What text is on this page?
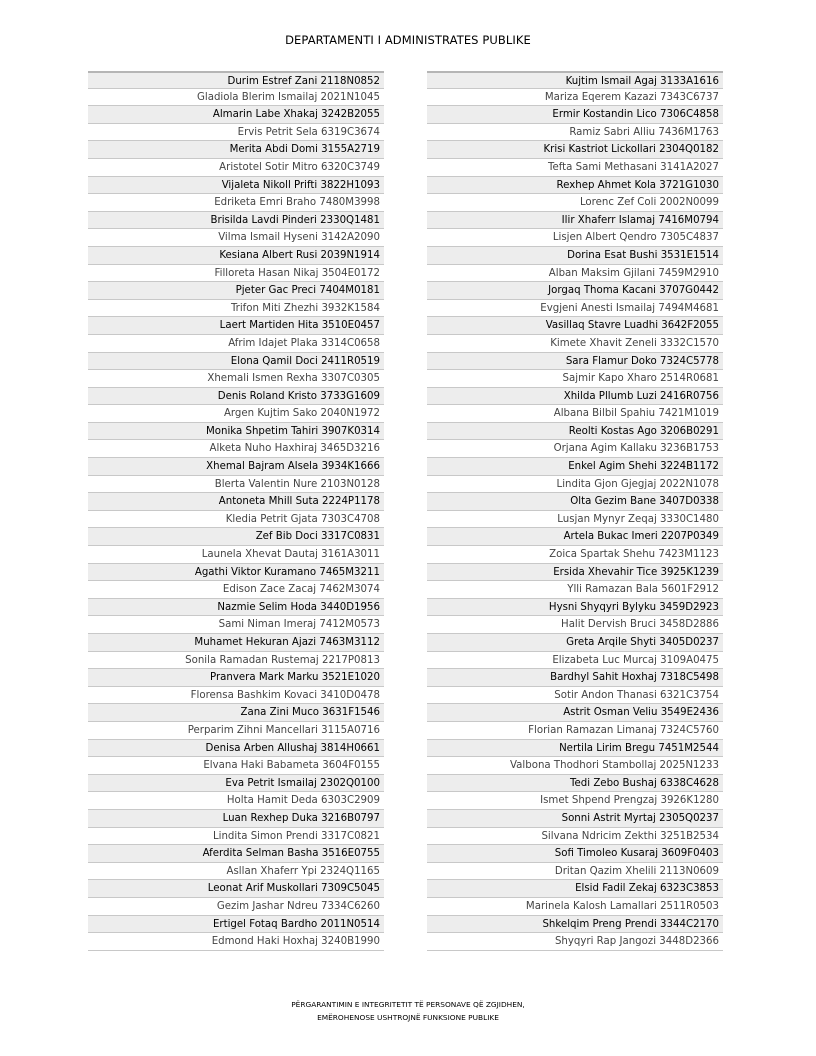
DEPARTAMENTI I ADMINISTRATES PUBLIKE
Durim Estref Zani 2118N0852
Gladiola Blerim Ismailaj 2021N1045
Almarin Labe Xhakaj 3242B2055
Ervis Petrit Sela 6319C3674
Merita Abdi Domi 3155A2719
Aristotel Sotir Mitro 6320C3749
Vijaleta Nikoll Prifti 3822H1093
Edriketa Emri Braho 7480M3998
Brisilda Lavdi Pinderi 2330Q1481
Vilma Ismail Hyseni 3142A2090
Kesiana Albert Rusi 2039N1914
Filloreta Hasan Nikaj 3504E0172
Pjeter Gac Preci 7404M0181
Trifon Miti Zhezhi 3932K1584
Laert Martiden Hita 3510E0457
Afrim Idajet Plaka 3314C0658
Elona Qamil Doci 2411R0519
Xhemali Ismen Rexha 3307C0305
Denis Roland Kristo 3733G1609
Argen Kujtim Sako 2040N1972
Monika Shpetim Tahiri 3907K0314
Alketa Nuho Haxhiraj 3465D3216
Xhemal Bajram Alsela 3934K1666
Blerta Valentin Nure 2103N0128
Antoneta Mhill Suta 2224P1178
Kledia Petrit Gjata 7303C4708
Zef Bib Doci 3317C0831
Launela Xhevat Dautaj 3161A3011
Agathi Viktor Kuramano 7465M3211
Edison Zace Zacaj 7462M3074
Nazmie Selim Hoda 3440D1956
Sami Niman Imeraj 7412M0573
Muhamet Hekuran Ajazi 7463M3112
Sonila Ramadan Rustemaj 2217P0813
Pranvera Mark Marku 3521E1020
Florensa Bashkim Kovaci 3410D0478
Zana Zini Muco 3631F1546
Perparim Zihni Mancellari 3115A0716
Denisa Arben Allushaj 3814H0661
Elvana Haki Babameta 3604F0155
Eva Petrit Ismailaj 2302Q0100
Holta Hamit Deda 6303C2909
Luan Rexhep Duka 3216B0797
Lindita Simon Prendi 3317C0821
Aferdita Selman Basha 3516E0755
Asllan Xhaferr Ypi 2324Q1165
Leonat Arif Muskollari 7309C5045
Gezim Jashar Ndreu 7334C6260
Ertigel Fotaq Bardho 2011N0514
Edmond Haki Hoxhaj 3240B1990
Kujtim Ismail Agaj 3133A1616
Mariza Eqerem Kazazi 7343C6737
Ermir Kostandin Lico 7306C4858
Ramiz Sabri Alliu 7436M1763
Krisi Kastriot Lickollari 2304Q0182
Tefta Sami Methasani 3141A2027
Rexhep Ahmet Kola 3721G1030
Lorenc Zef Coli 2002N0099
Ilir Xhaferr Islamaj 7416M0794
Lisjen Albert Qendro 7305C4837
Dorina Esat Bushi 3531E1514
Alban Maksim Gjilani 7459M2910
Jorgaq Thoma Kacani 3707G0442
Evgjeni Anesti Ismailaj 7494M4681
Vasillaq Stavre Luadhi 3642F2055
Kimete Xhavit Zeneli 3332C1570
Sara Flamur Doko 7324C5778
Sajmir Kapo Xharo 2514R0681
Xhilda Pllumb Luzi 2416R0756
Albana Bilbil Spahiu 7421M1019
Reolti Kostas Ago 3206B0291
Orjana Agim Kallaku 3236B1753
Enkel Agim Shehi 3224B1172
Lindita Gjon Gjegjaj 2022N1078
Olta Gezim Bane 3407D0338
Lusjan Mynyr Zeqaj 3330C1480
Artela Bukac Imeri 2207P0349
Zoica Spartak Shehu 7423M1123
Ersida Xhevahir Tice 3925K1239
Ylli Ramazan Bala 5601F2912
Hysni Shyqyri Bylyku 3459D2923
Halit Dervish Bruci 3458D2886
Greta Arqile Shyti 3405D0237
Elizabeta Luc Murcaj 3109A0475
Bardhyl Sahit Hoxhaj 7318C5498
Sotir Andon Thanasi 6321C3754
Astrit Osman Veliu 3549E2436
Florian Ramazan Limanaj 7324C5760
Nertila Lirim Bregu 7451M2544
Valbona Thodhori Stambollaj 2025N1233
Tedi Zebo Bushaj 6338C4628
Ismet Shpend Prengzaj 3926K1280
Sonni Astrit Myrtaj 2305Q0237
Silvana Ndricim Zekthi 3251B2534
Sofi Timoleo Kusaraj 3609F0403
Dritan Qazim Xhelili 2113N0609
Elsid Fadil Zekaj 6323C3853
Marinela Kalosh Lamallari 2511R0503
Shkelqim Preng Prendi 3344C2170
Shyqyri Rap Jangozi 3448D2366
PËRGARANTIMIN E INTEGRITETIT TË PERSONAVE QË ZGJIDHEN,
EMËROHENOSE USHTROJNË FUNKSIONE PUBLIKE
